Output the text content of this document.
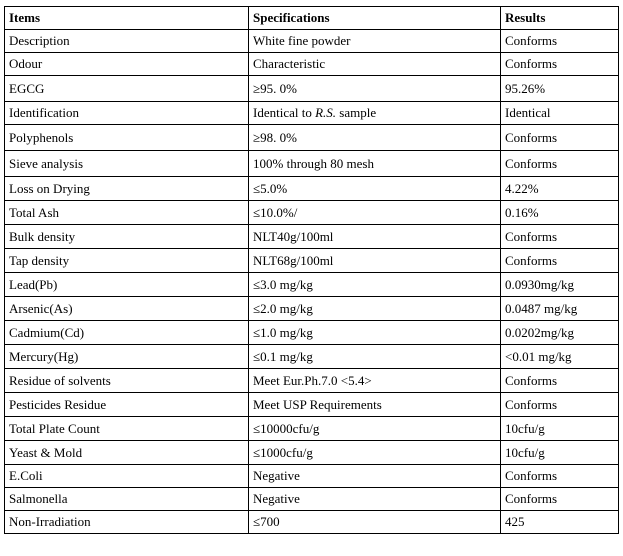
Items	Specifications	Results
Description	White fine powder	Conforms
Odour	Characteristic	Conforms
EGCG	≥95. 0%	95.26%
Identification	Identical to R.S. sample	Identical
Polyphenols	≥98. 0%	Conforms
Sieve analysis	100% through 80 mesh	Conforms
Loss on Drying	≤5.0%	4.22%
Total Ash	≤10.0%/	0.16%
Bulk density	NLT40g/100ml	Conforms
Tap density	NLT68g/100ml	Conforms
Lead(Pb)	≤3.0 mg/kg	0.0930mg/kg
Arsenic(As)	≤2.0 mg/kg	0.0487 mg/kg
Cadmium(Cd)	≤1.0 mg/kg	0.0202mg/kg
Mercury(Hg)	≤0.1 mg/kg	<0.01 mg/kg
Residue of solvents	Meet Eur.Ph.7.0 <5.4>	Conforms
Pesticides Residue	Meet USP Requirements	Conforms
Total Plate Count	≤10000cfu/g	10cfu/g
Yeast & Mold	≤1000cfu/g	10cfu/g
E.Coli	Negative	Conforms
Salmonella	Negative	Conforms
Non-Irradiation	≤700	425
